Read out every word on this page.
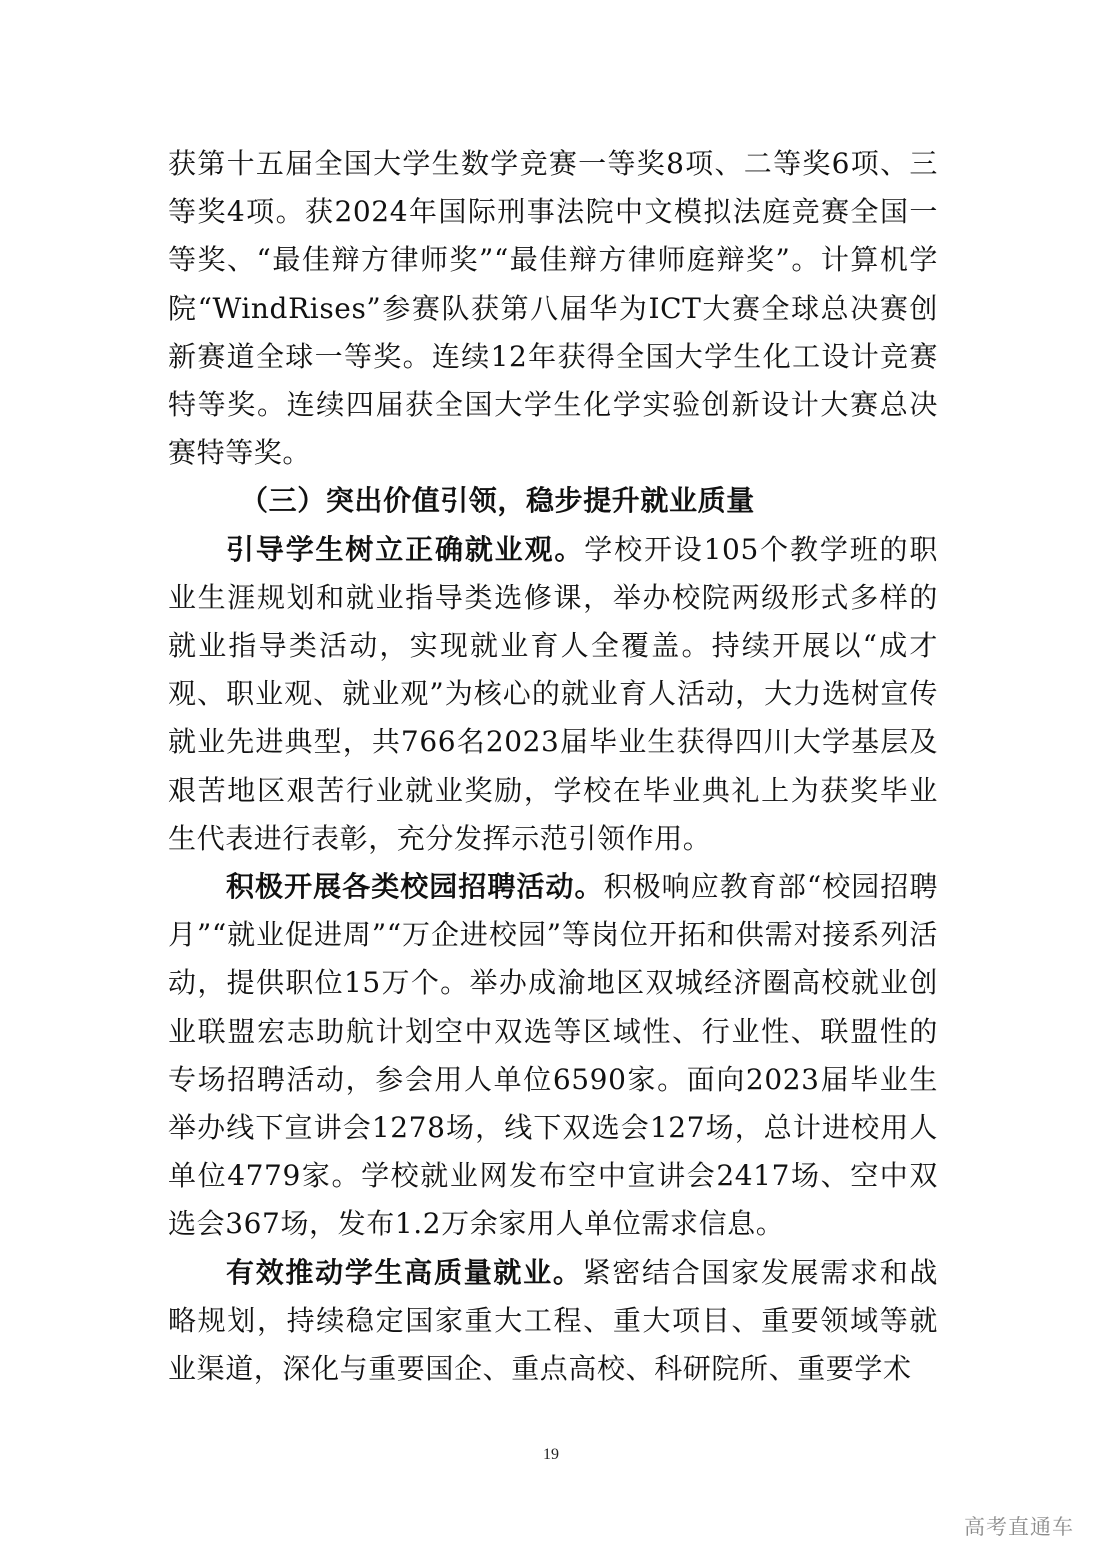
获第十五届全国大学生数学竞赛一等奖8项、二等奖6项、三等奖4项。获2024年国际刑事法院中文模拟法庭竞赛全国一等奖、“最佳辩方律师奖”“最佳辩方律师庭辩奖”。计算机学院“WindRises”参赛队获第八届华为ICT大赛全球总决赛创新赛道全球一等奖。连续12年获得全国大学生化工设计竞赛特等奖。连续四届获全国大学生化学实验创新设计大赛总决赛特等奖。

（三）突出价值引领，稳步提升就业质量

引导学生树立正确就业观。学校开设105个教学班的职业生涯规划和就业指导类选修课，举办校院两级形式多样的就业指导类活动，实现就业育人全覆盖。持续开展以“成才观、职业观、就业观”为核心的就业育人活动，大力选树宣传就业先进典型，共766名2023届毕业生获得四川大学基层及艰苦地区艰苦行业就业奖励，学校在毕业典礼上为获奖毕业生代表进行表彰，充分发挥示范引领作用。

积极开展各类校园招聘活动。积极响应教育部“校园招聘月”“就业促进周”“万企进校园”等岗位开拓和供需对接系列活动，提供职位15万个。举办成渝地区双城经济圈高校就业创业联盟宏志助航计划空中双选等区域性、行业性、联盟性的专场招聘活动，参会用人单位6590家。面向2023届毕业生举办线下宣讲会1278场，线下双选会127场，总计进校用人单位4779家。学校就业网发布空中宣讲会2417场、空中双选会367场，发布1.2万余家用人单位需求信息。

有效推动学生高质量就业。紧密结合国家发展需求和战略规划，持续稳定国家重大工程、重大项目、重要领域等就业渠道，深化与重要国企、重点高校、科研院所、重要学术

19
高考直通车
